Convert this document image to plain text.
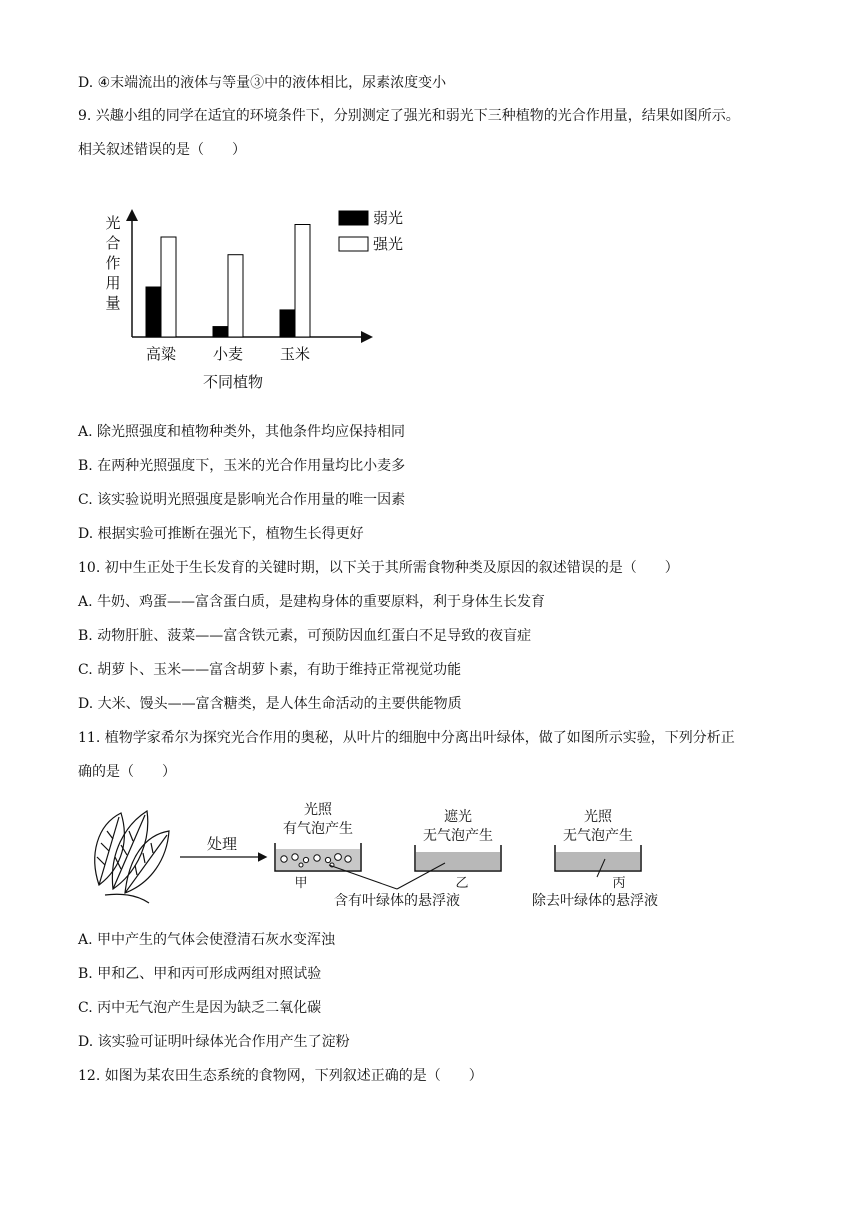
D. ④末端流出的液体与等量③中的液体相比，尿素浓度变小
9. 兴趣小组的同学在适宜的环境条件下，分别测定了强光和弱光下三种植物的光合作用量，结果如图所示。
相关叙述错误的是（　　）
光
合
作
用
量
高粱 小麦 玉米
不同植物
弱光
强光
A. 除光照强度和植物种类外，其他条件均应保持相同
B. 在两种光照强度下，玉米的光合作用量均比小麦多
C. 该实验说明光照强度是影响光合作用量的唯一因素
D. 根据实验可推断在强光下，植物生长得更好
10. 初中生正处于生长发育的关键时期，以下关于其所需食物种类及原因的叙述错误的是（　　）
A. 牛奶、鸡蛋——富含蛋白质，是建构身体的重要原料，利于身体生长发育
B. 动物肝脏、菠菜——富含铁元素，可预防因血红蛋白不足导致的夜盲症
C. 胡萝卜、玉米——富含胡萝卜素，有助于维持正常视觉功能
D. 大米、馒头——富含糖类，是人体生命活动的主要供能物质
11. 植物学家希尔为探究光合作用的奥秘，从叶片的细胞中分离出叶绿体，做了如图所示实验，下列分析正
确的是（　　）
处理
光照
有气泡产生
甲
遮光
无气泡产生
乙
光照
无气泡产生
丙
含有叶绿体的悬浮液	除去叶绿体的悬浮液
A. 甲中产生的气体会使澄清石灰水变浑浊
B. 甲和乙、甲和丙可形成两组对照试验
C. 丙中无气泡产生是因为缺乏二氧化碳
D. 该实验可证明叶绿体光合作用产生了淀粉
12. 如图为某农田生态系统的食物网，下列叙述正确的是（　　）
